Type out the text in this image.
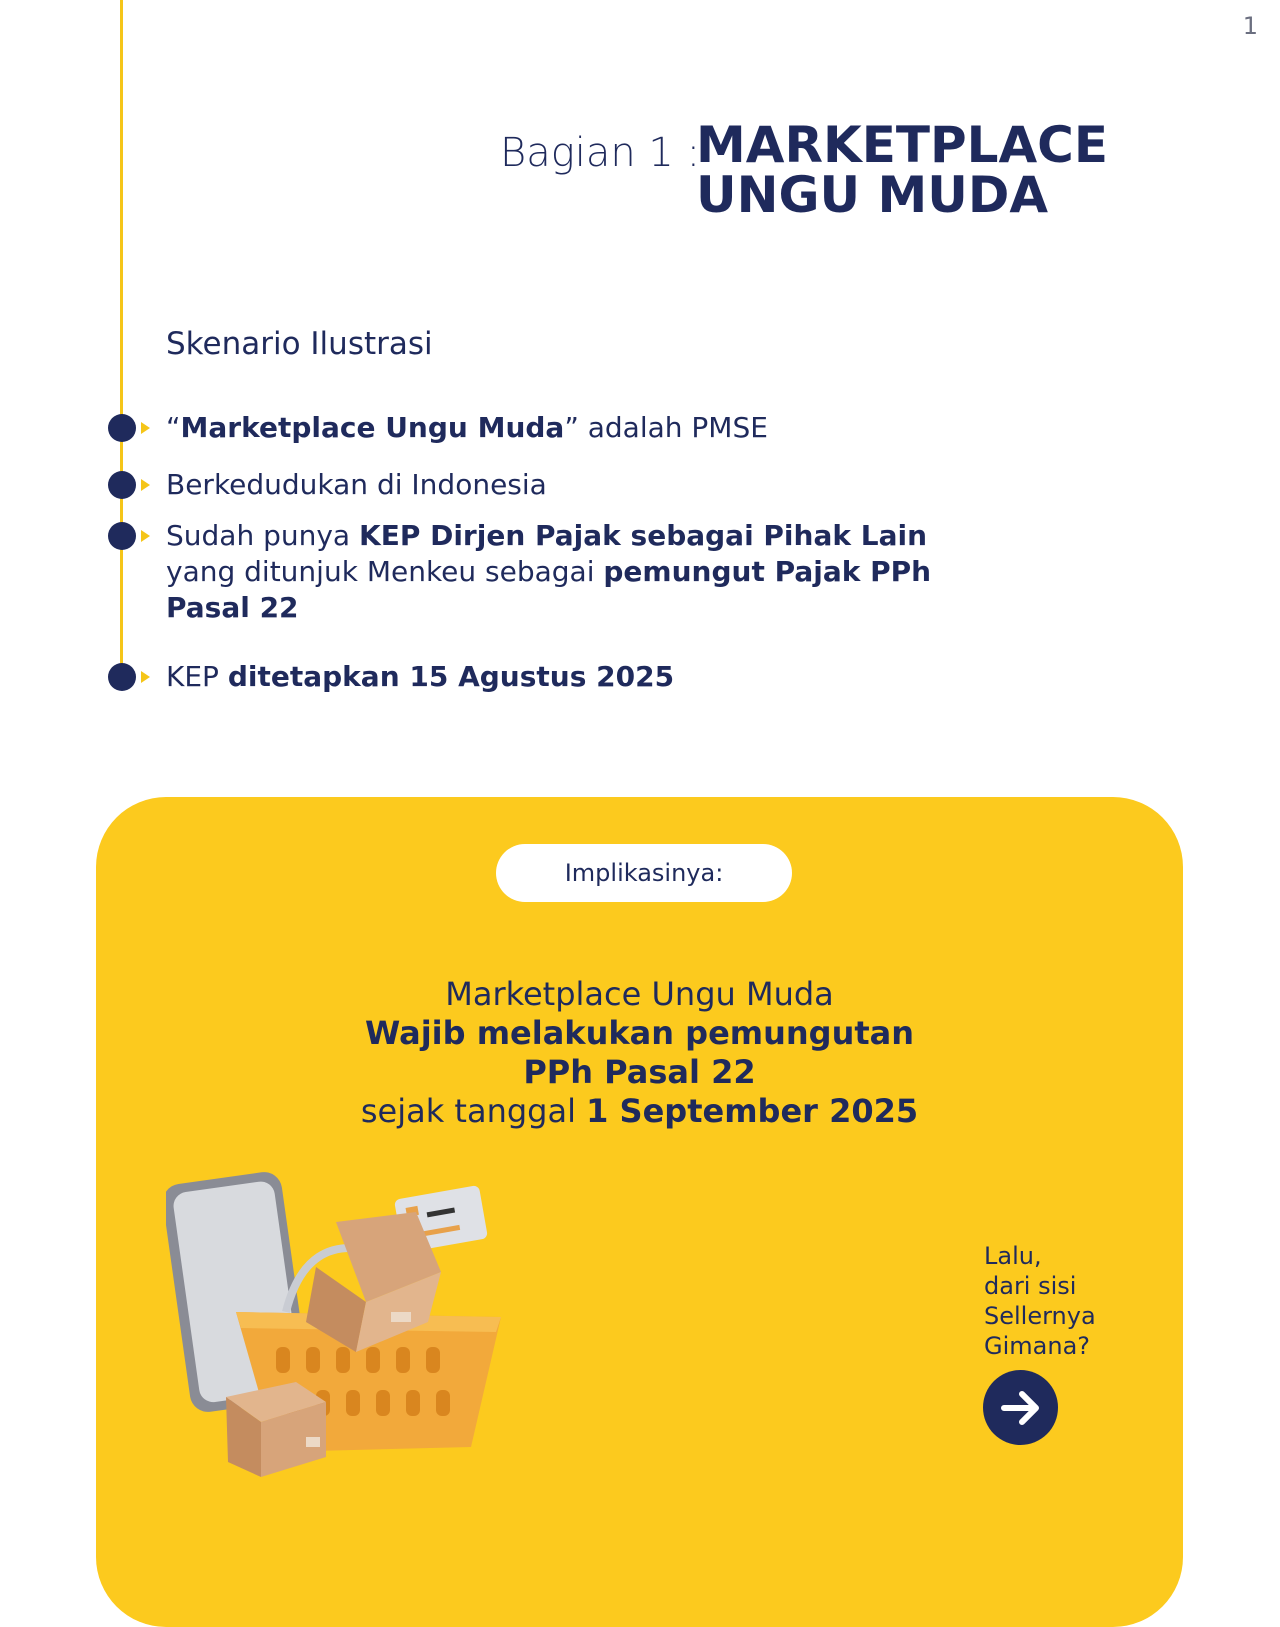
1
Bagian 1 :
MARKETPLACE
UNGU MUDA
Skenario Ilustrasi
“Marketplace Ungu Muda” adalah PMSE
Berkedudukan di Indonesia
Sudah punya KEP Dirjen Pajak sebagai Pihak Lain yang ditunjuk Menkeu sebagai pemungut Pajak PPh Pasal 22
KEP ditetapkan 15 Agustus 2025
Implikasinya:
Marketplace Ungu Muda
Wajib melakukan pemungutan
PPh Pasal 22
sejak tanggal 1 September 2025
Lalu,
dari sisi
Sellernya
Gimana?
